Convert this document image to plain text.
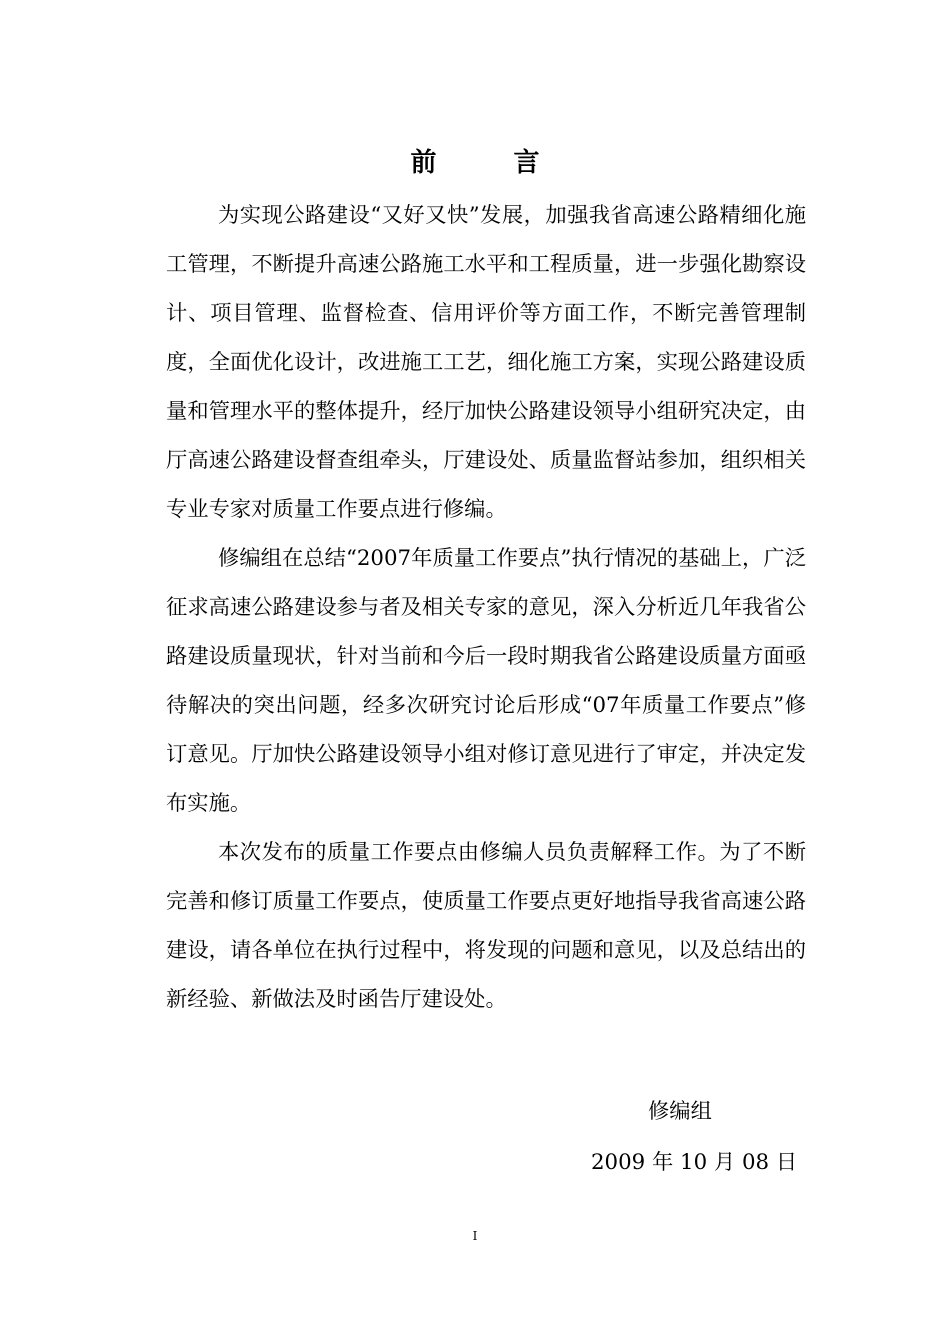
前 言

为实现公路建设“又好又快”发展，加强我省高速公路精细化施工管理，不断提升高速公路施工水平和工程质量，进一步强化勘察设计、项目管理、监督检查、信用评价等方面工作，不断完善管理制度，全面优化设计，改进施工工艺，细化施工方案，实现公路建设质量和管理水平的整体提升，经厅加快公路建设领导小组研究决定，由厅高速公路建设督查组牵头，厅建设处、质量监督站参加，组织相关专业专家对质量工作要点进行修编。

修编组在总结“2007年质量工作要点”执行情况的基础上，广泛征求高速公路建设参与者及相关专家的意见，深入分析近几年我省公路建设质量现状，针对当前和今后一段时期我省公路建设质量方面亟待解决的突出问题，经多次研究讨论后形成“07年质量工作要点”修订意见。厅加快公路建设领导小组对修订意见进行了审定，并决定发布实施。

本次发布的质量工作要点由修编人员负责解释工作。为了不断完善和修订质量工作要点，使质量工作要点更好地指导我省高速公路建设，请各单位在执行过程中，将发现的问题和意见，以及总结出的新经验、新做法及时函告厅建设处。

修编组
2009 年 10 月 08 日
I
